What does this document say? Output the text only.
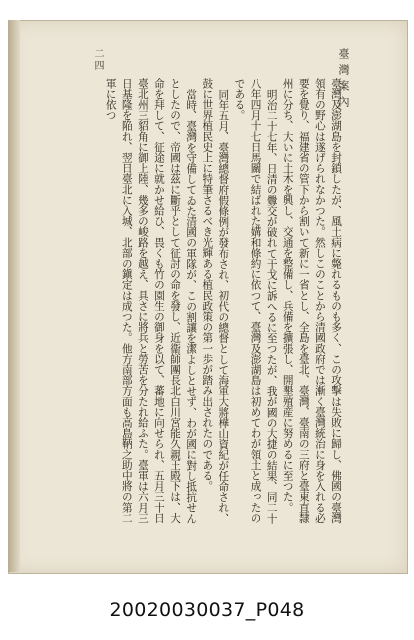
臺灣案內
二四

臺灣及澎湖島を封鎖したが、風土病に斃れるものも多く、この攻擊は失敗に歸し、佛國の臺灣領有の野心は遂げられなかつた。然しこのことから清國政府では漸く臺灣統治に身を入れる必要を覺り、福建省の管下から割いて新に一省とし、全島を臺北、臺灣、臺南の三府と臺東直隸州に分ち、大いに土木を興し、交通を整備し、兵備を擴張し、開墾殖産に努めるに至つた。

明治二十七年、日清の釁交が破れて干戈に訴へるに至つたが、我が國の大捷の結果、同二十八年四月十七日馬關で結ばれた媾和條約に依つて、臺灣及澎湖島は初めてわが領土と成ったのである。

同年五月、臺灣總督府假條例が發布され、初代の總督として海軍大將樺山資紀が任命され、鼓に世界植民史上に特筆さるべき光輝ある植民政策の第一歩が踏み出されたのである。

當時、臺灣を守備してゐた清國の軍隊が、この割讓を潔よしとせず、わが國に對し抵抗せんとしたので、帝國は茲に斷乎として征討の命を發し、近衞師團長北白川宮能久親王殿下は、大命を拜して、征途に就かせ給ひ、畏くも竹の園生の御身を以て、蕃地に向せられ、五月三十日臺北州三貂角に御上陸、幾多の峻路を越え、具さに將兵と勞苦を分たれ給ふた。臺軍は六月三日基隆を陥れ、翌日臺北に入城、北部の鎭定は成つた。他方南部方面も高島鞆之助中將の第二軍に依つ

20020030037_P048
